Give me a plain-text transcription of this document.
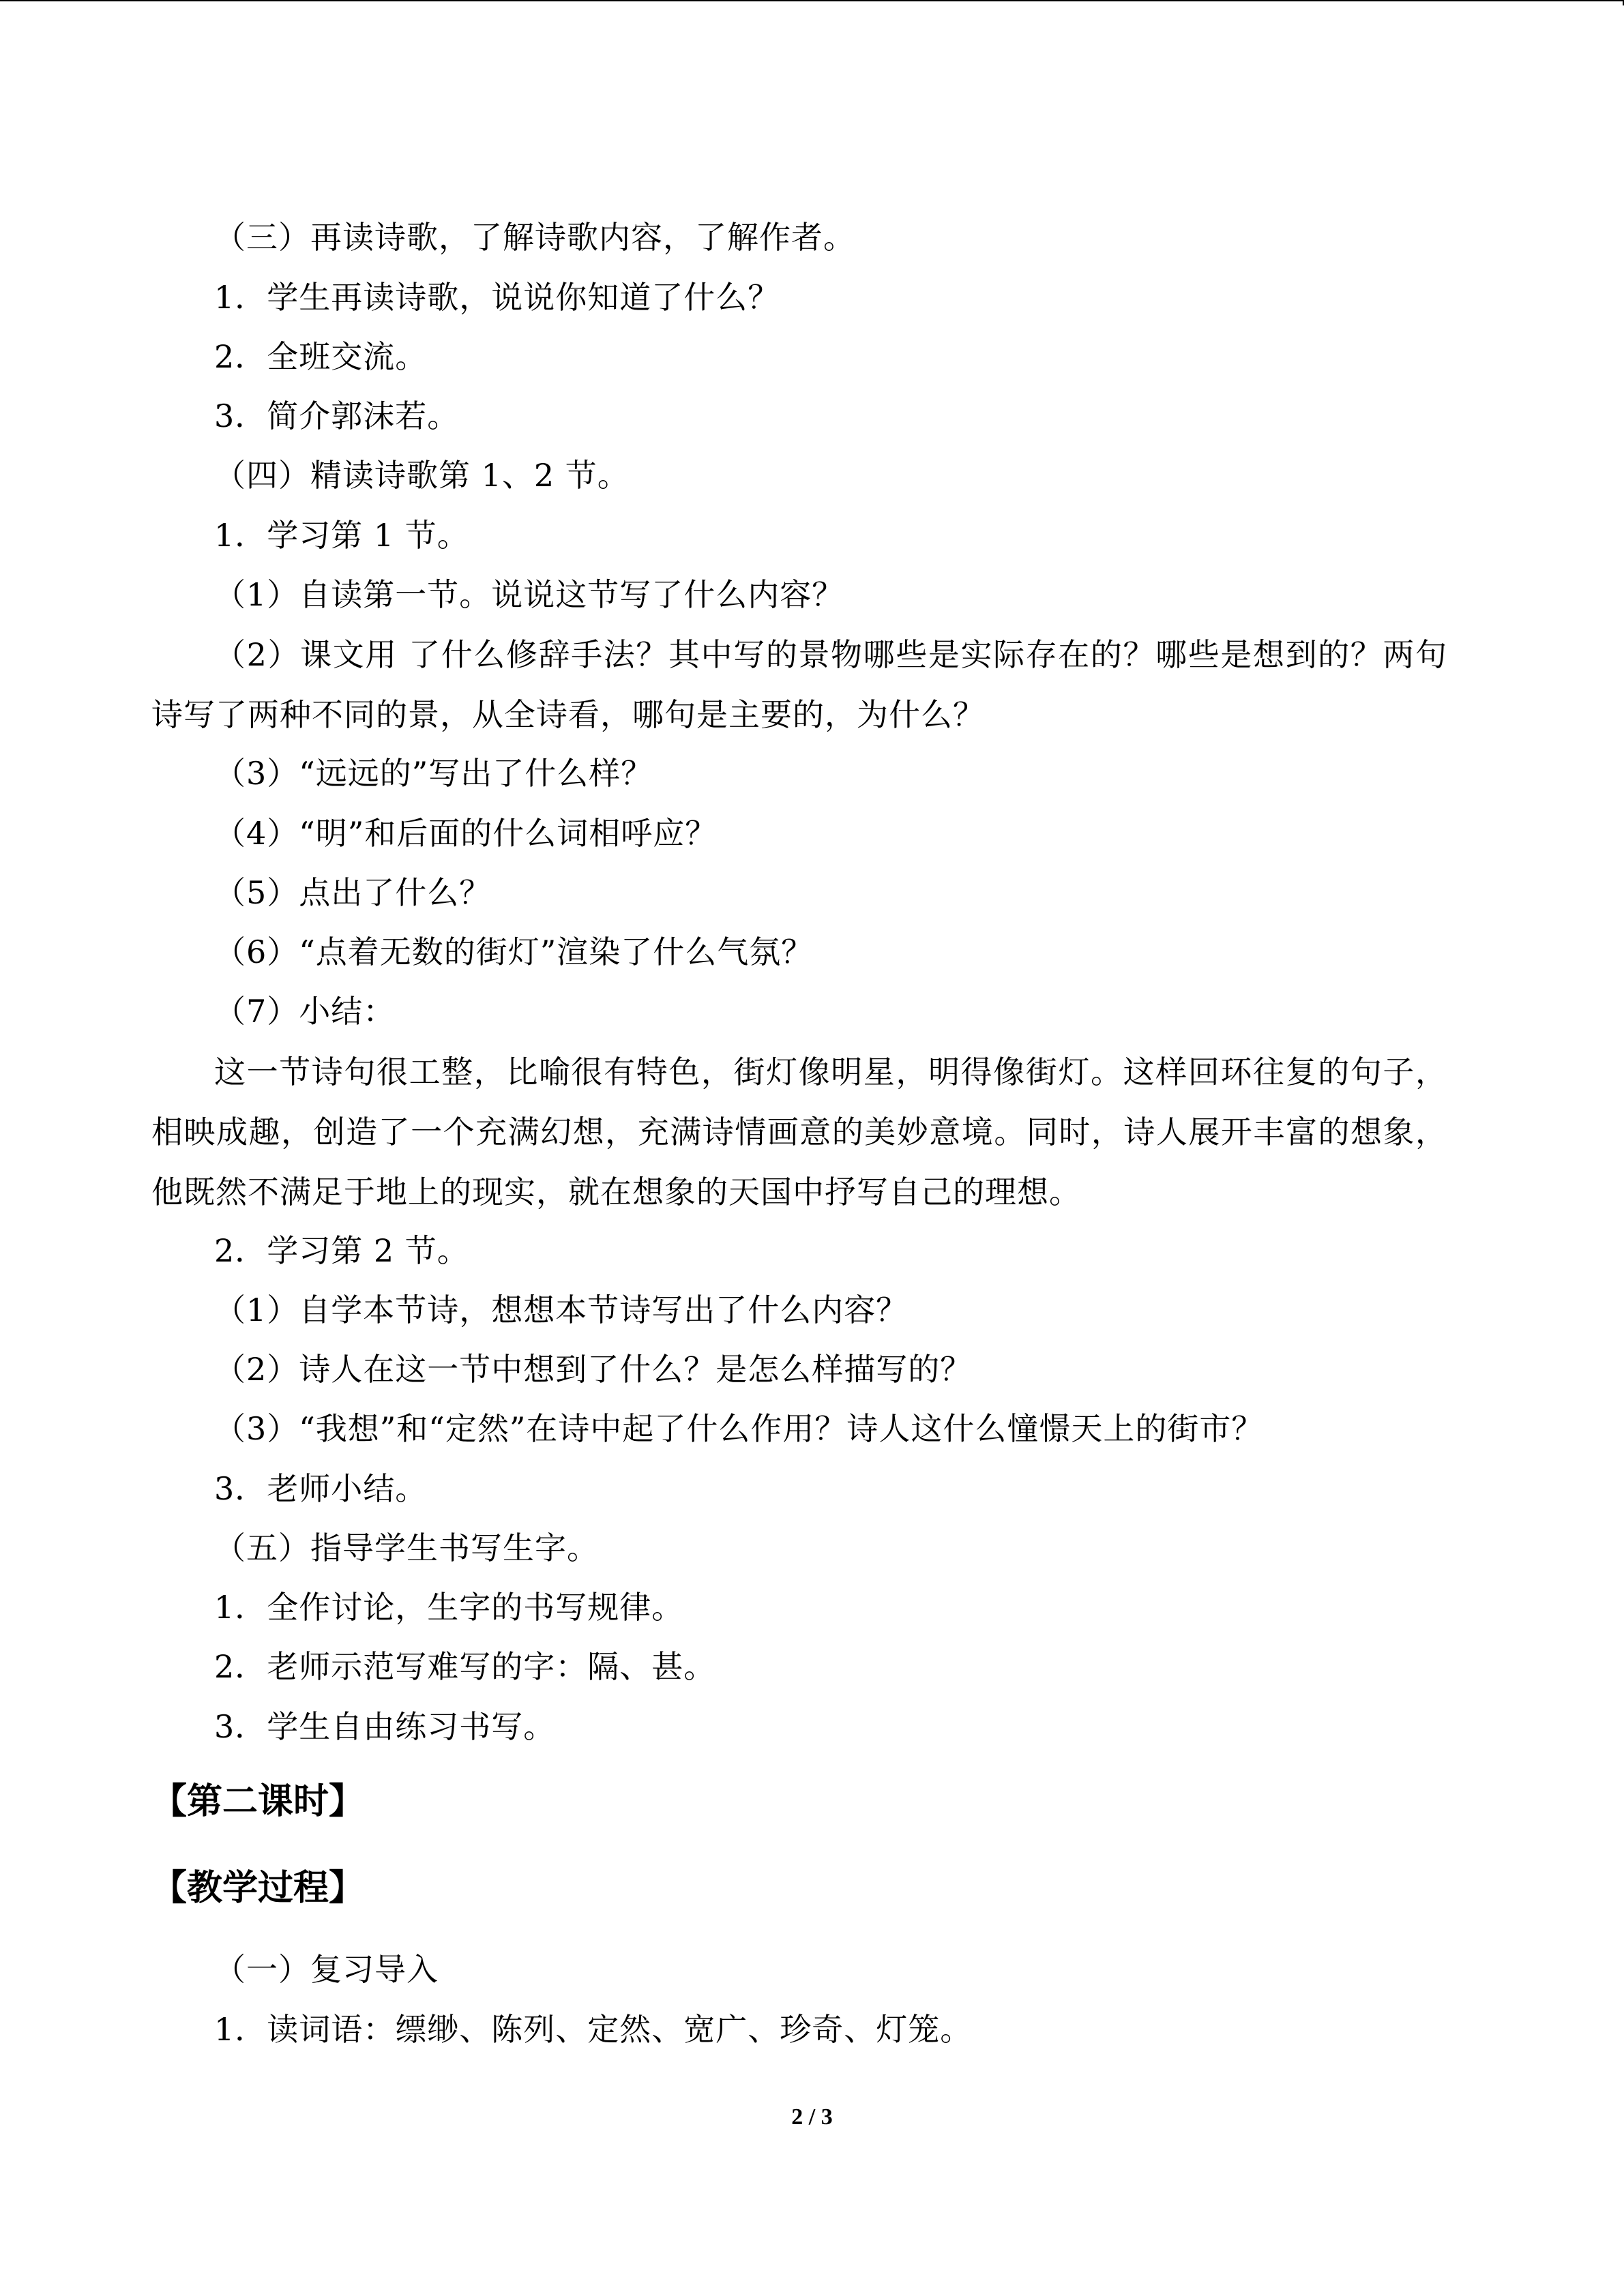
（三）再读诗歌，了解诗歌内容，了解作者。
1．学生再读诗歌，说说你知道了什么？
2．全班交流。
3．简介郭沫若。
（四）精读诗歌第 1、2 节。
1．学习第 1 节。
（1）自读第一节。说说这节写了什么内容？
（2）课文用 了什么修辞手法？其中写的景物哪些是实际存在的？哪些是想到的？两句诗写了两种不同的景，从全诗看，哪句是主要的，为什么？
（3）“远远的”写出了什么样？
（4）“明”和后面的什么词相呼应？
（5）点出了什么？
（6）“点着无数的街灯”渲染了什么气氛？
（7）小结：
这一节诗句很工整，比喻很有特色，街灯像明星，明得像街灯。这样回环往复的句子，相映成趣，创造了一个充满幻想，充满诗情画意的美妙意境。同时，诗人展开丰富的想象，他既然不满足于地上的现实，就在想象的天国中抒写自己的理想。
2．学习第 2 节。
（1）自学本节诗，想想本节诗写出了什么内容？
（2）诗人在这一节中想到了什么？是怎么样描写的？
（3）“我想”和“定然”在诗中起了什么作用？诗人这什么憧憬天上的街市？
3．老师小结。
（五）指导学生书写生字。
1．全作讨论，生字的书写规律。
2．老师示范写难写的字：隔、甚。
3．学生自由练习书写。
【第二课时】
【教学过程】
（一）复习导入
1．读词语：缥缈、陈列、定然、宽广、珍奇、灯笼。
2 / 3
